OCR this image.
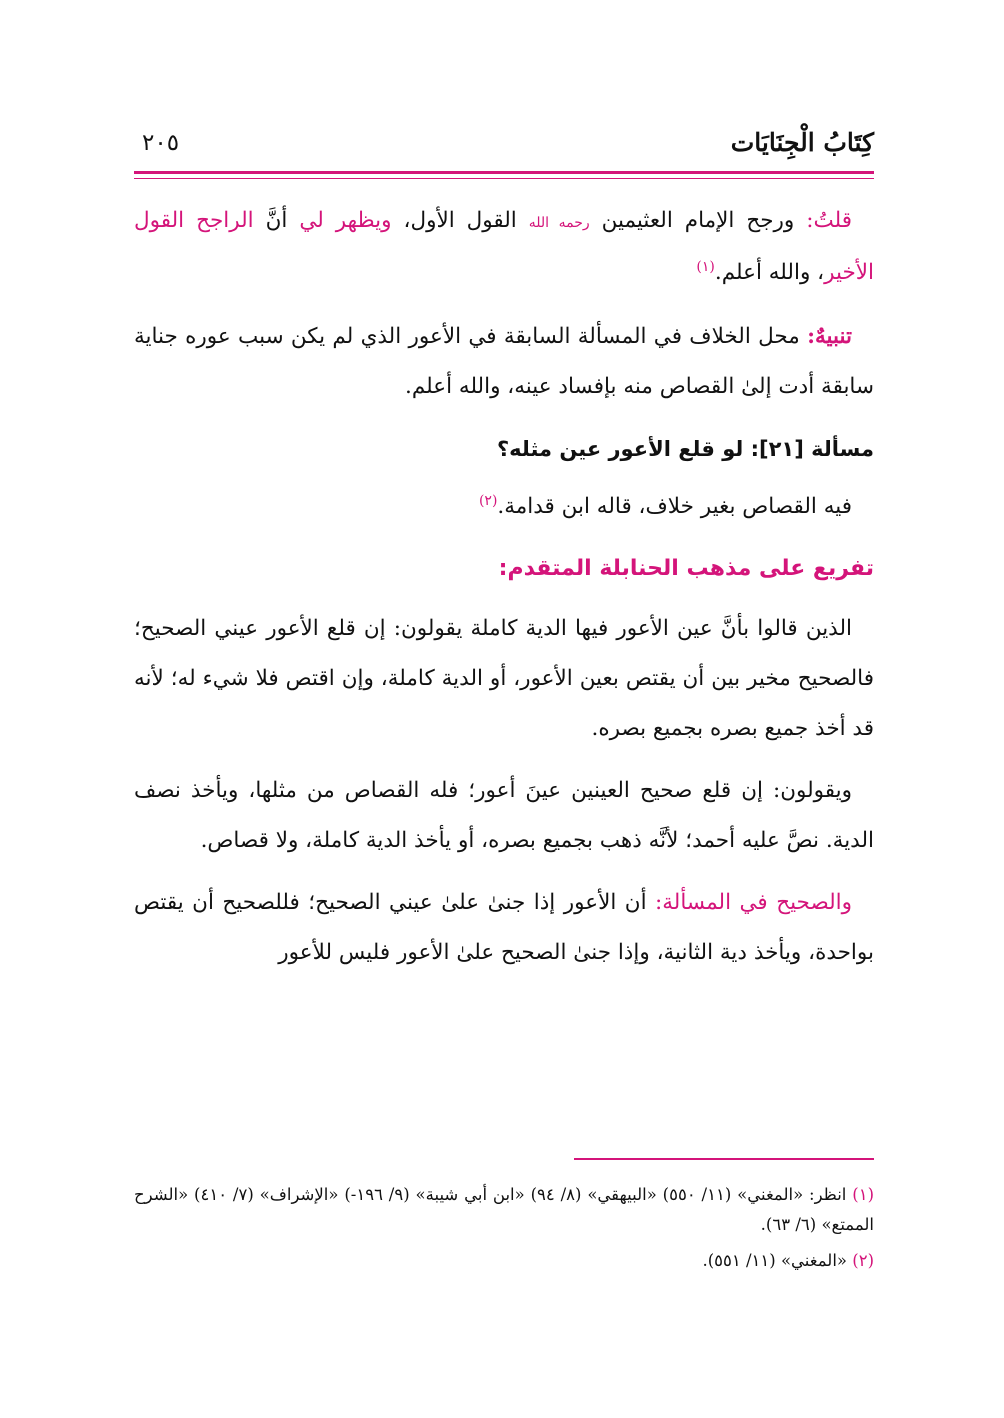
كِتَابُ الْجِنَايَات
٢٠٥

قلتُ: ورجح الإمام العثيمين رحمه الله القول الأول، ويظهر لي أنَّ الراجح القول الأخير، والله أعلم.$^{(١)}$

تنبيهٌ: محل الخلاف في المسألة السابقة في الأعور الذي لم يكن سبب عوره جناية سابقة أدت إلىٰ القصاص منه بإفساد عينه، والله أعلم.

مسألة [٢١]: لو قلع الأعور عين مثله؟

فيه القصاص بغير خلاف، قاله ابن قدامة.$^{(٢)}$

تفريع على مذهب الحنابلة المتقدم:

الذين قالوا بأنَّ عين الأعور فيها الدية كاملة يقولون: إن قلع الأعور عيني الصحيح؛ فالصحيح مخير بين أن يقتص بعين الأعور، أو الدية كاملة، وإن اقتص فلا شيء له؛ لأنه قد أخذ جميع بصره بجميع بصره.

ويقولون: إن قلع صحيح العينين عينَ أعور؛ فله القصاص من مثلها، ويأخذ نصف الدية. نصَّ عليه أحمد؛ لأنَّه ذهب بجميع بصره، أو يأخذ الدية كاملة، ولا قصاص.

والصحيح في المسألة: أن الأعور إذا جنىٰ علىٰ عيني الصحيح؛ فللصحيح أن يقتص بواحدة، ويأخذ دية الثانية، وإذا جنىٰ الصحيح علىٰ الأعور فليس للأعور

(١) انظر: «المغني» (١١/ ٥٥٠) «البيهقي» (٨/ ٩٤) «ابن أبي شيبة» (٩/ ١٩٦-) «الإشراف» (٧/ ٤١٠) «الشرح الممتع» (٦/ ٦٣).

(٢) «المغني» (١١/ ٥٥١).
